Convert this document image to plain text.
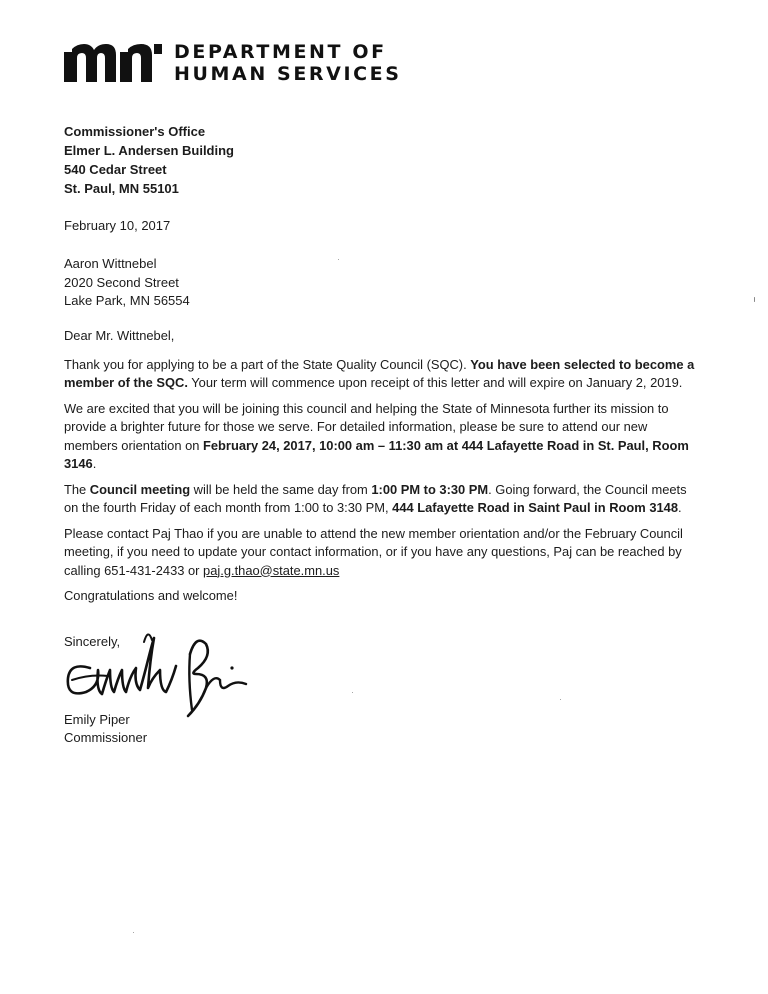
DEPARTMENT OF
HUMAN SERVICES
Commissioner's Office
Elmer L. Andersen Building
540 Cedar Street
St. Paul, MN 55101
February 10, 2017
Aaron Wittnebel
2020 Second Street
Lake Park, MN 56554

Dear Mr. Wittnebel,

Thank you for applying to be a part of the State Quality Council (SQC). You have been selected to become a member of the SQC. Your term will commence upon receipt of this letter and will expire on January 2, 2019.

We are excited that you will be joining this council and helping the State of Minnesota further its mission to provide a brighter future for those we serve. For detailed information, please be sure to attend our new members orientation on February 24, 2017, 10:00 am – 11:30 am at 444 Lafayette Road in St. Paul, Room 3146.

The Council meeting will be held the same day from 1:00 PM to 3:30 PM. Going forward, the Council meets on the fourth Friday of each month from 1:00 to 3:30 PM, 444 Lafayette Road in Saint Paul in Room 3148.

Please contact Paj Thao if you are unable to attend the new member orientation and/or the February Council meeting, if you need to update your contact information, or if you have any questions, Paj can be reached by calling 651-431-2433 or paj.g.thao@state.mn.us

Congratulations and welcome!

Sincerely,
Emily Piper
Commissioner
